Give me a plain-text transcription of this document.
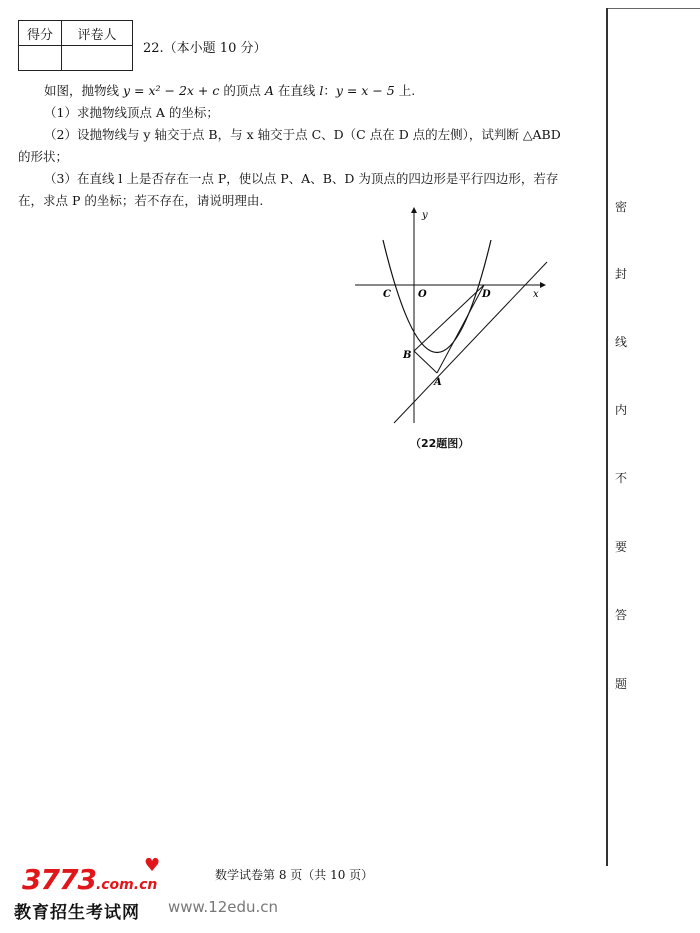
得分	评卷人

22.（本小题 10 分）

如图，抛物线 y = x² − 2x + c 的顶点 A 在直线 l：y = x − 5 上.

（1）求抛物线顶点 A 的坐标；

（2）设抛物线与 y 轴交于点 B，与 x 轴交于点 C、D（C 点在 D 点的左侧），试判断 △ABD

的形状；

（3）在直线 l 上是否存在一点 P，使以点 P、A、B、D 为顶点的四边形是平行四边形，若存

在，求点 P 的坐标；若不存在，请说明理由.

y
x
O
C	D
B
A
（22题图）
密
封
线
内
不
要
答
题
数学试卷第 8 页（共 10 页）
3773.com.cn
♥
教育招生考试网 www.12edu.cn
